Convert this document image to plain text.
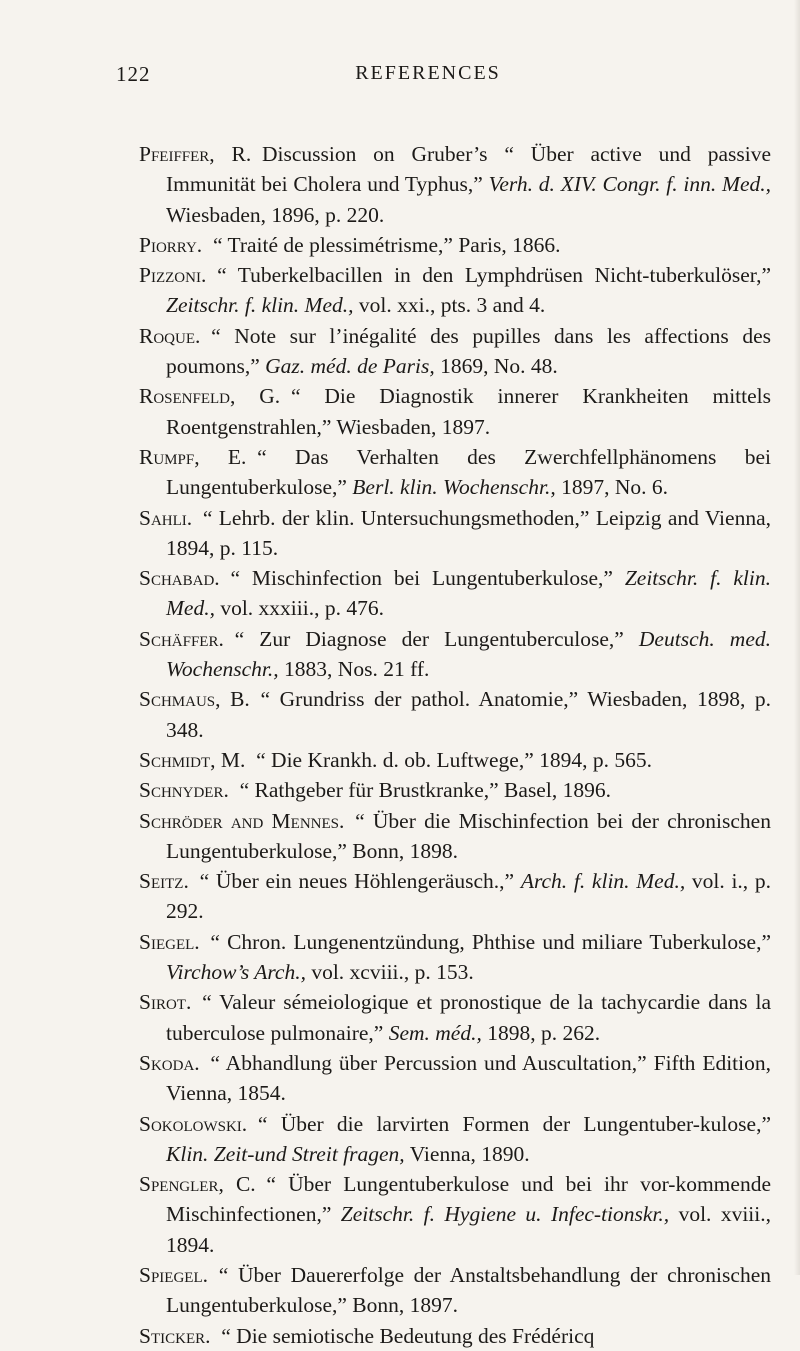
122	REFERENCES

Pfeiffer, R.  Discussion on Gruber’s “ Über active und passive Immunität bei Cholera und Typhus,” Verh. d. XIV. Congr. f. inn. Med., Wiesbaden, 1896, p. 220.

Piorry.  “ Traité de plessimétrisme,” Paris, 1866.

Pizzoni.  “ Tuberkelbacillen in den Lymphdrüsen Nicht-tuberkulöser,” Zeitschr. f. klin. Med., vol. xxi., pts. 3 and 4.

Roque.  “ Note sur l’inégalité des pupilles dans les affections des poumons,” Gaz. méd. de Paris, 1869, No. 48.

Rosenfeld, G.  “ Die Diagnostik innerer Krankheiten mittels Roentgenstrahlen,” Wiesbaden, 1897.

Rumpf, E.  “ Das Verhalten des Zwerchfellphänomens bei Lungentuberkulose,” Berl. klin. Wochenschr., 1897, No. 6.

Sahli.  “ Lehrb. der klin. Untersuchungsmethoden,” Leipzig and Vienna, 1894, p. 115.

Schabad.  “ Mischinfection bei Lungentuberkulose,” Zeitschr. f. klin. Med., vol. xxxiii., p. 476.

Schäffer.  “ Zur Diagnose der Lungentuberculose,” Deutsch. med. Wochenschr., 1883, Nos. 21 ff.

Schmaus, B.  “ Grundriss der pathol. Anatomie,” Wiesbaden, 1898, p. 348.

Schmidt, M.  “ Die Krankh. d. ob. Luftwege,” 1894, p. 565.

Schnyder.  “ Rathgeber für Brustkranke,” Basel, 1896.

Schröder and Mennes.  “ Über die Mischinfection bei der chronischen Lungentuberkulose,” Bonn, 1898.

Seitz.  “ Über ein neues Höhlengeräusch.,” Arch. f. klin. Med., vol. i., p. 292.

Siegel.  “ Chron. Lungenentzündung, Phthise und miliare Tuberkulose,” Virchow’s Arch., vol. xcviii., p. 153.

Sirot.  “ Valeur sémeiologique et pronostique de la tachycardie dans la tuberculose pulmonaire,” Sem. méd., 1898, p. 262.

Skoda.  “ Abhandlung über Percussion und Auscultation,” Fifth Edition, Vienna, 1854.

Sokolowski.  “ Über die larvirten Formen der Lungentuber-kulose,” Klin. Zeit-und Streit fragen, Vienna, 1890.

Spengler, C.  “ Über Lungentuberkulose und bei ihr vor-kommende Mischinfectionen,” Zeitschr. f. Hygiene u. Infec-tionskr., vol. xviii., 1894.

Spiegel.  “ Über Dauererfolge der Anstaltsbehandlung der chronischen Lungentuberkulose,” Bonn, 1897.

Sticker.  “ Die semiotische Bedeutung des Frédéricq
